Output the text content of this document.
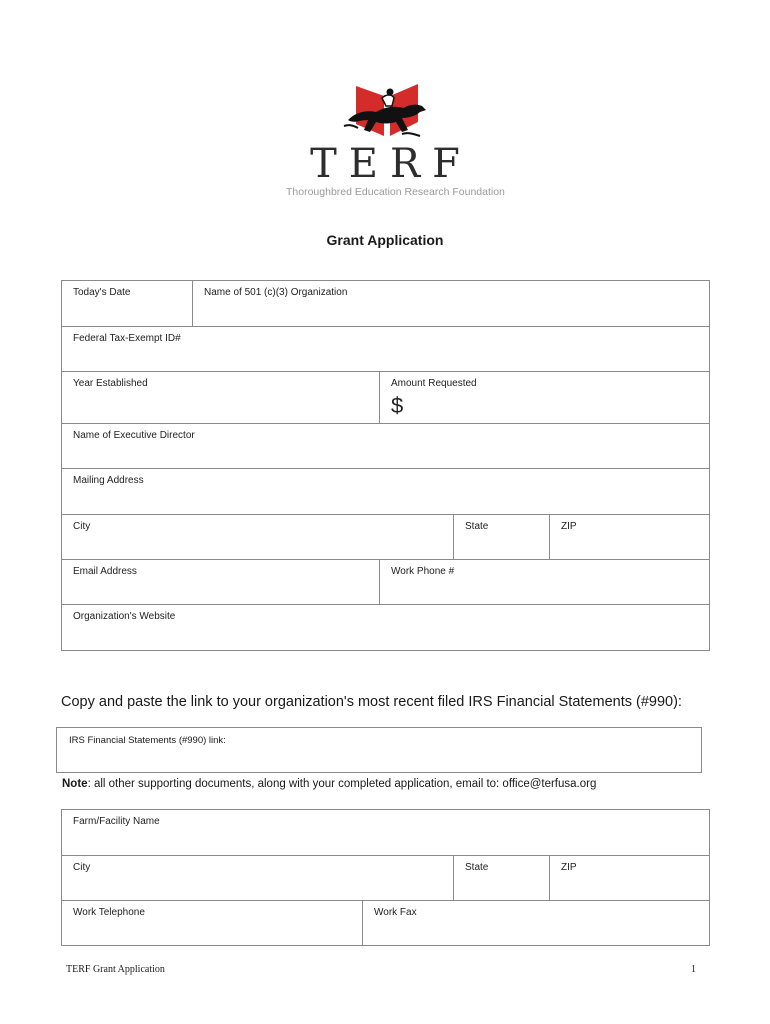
TERF
Thoroughbred Education Research Foundation
Grant Application
Today's Date	Name of 501 (c)(3) Organization			
Federal Tax-Exempt ID#				
Year Established		Amount Requested
$		

Name of Executive Director				
Mailing Address				
City			State	ZIP
Email Address		Work Phone #		
Organization's Website				
Copy and paste the link to your organization's most recent filed IRS Financial Statements (#990):
IRS Financial Statements (#990) link:
Note: all other supporting documents, along with your completed application, email to: office@terfusa.org
Farm/Facility Name			
City		State	ZIP
Work Telephone	Work Fax		
TERF Grant Application	1
